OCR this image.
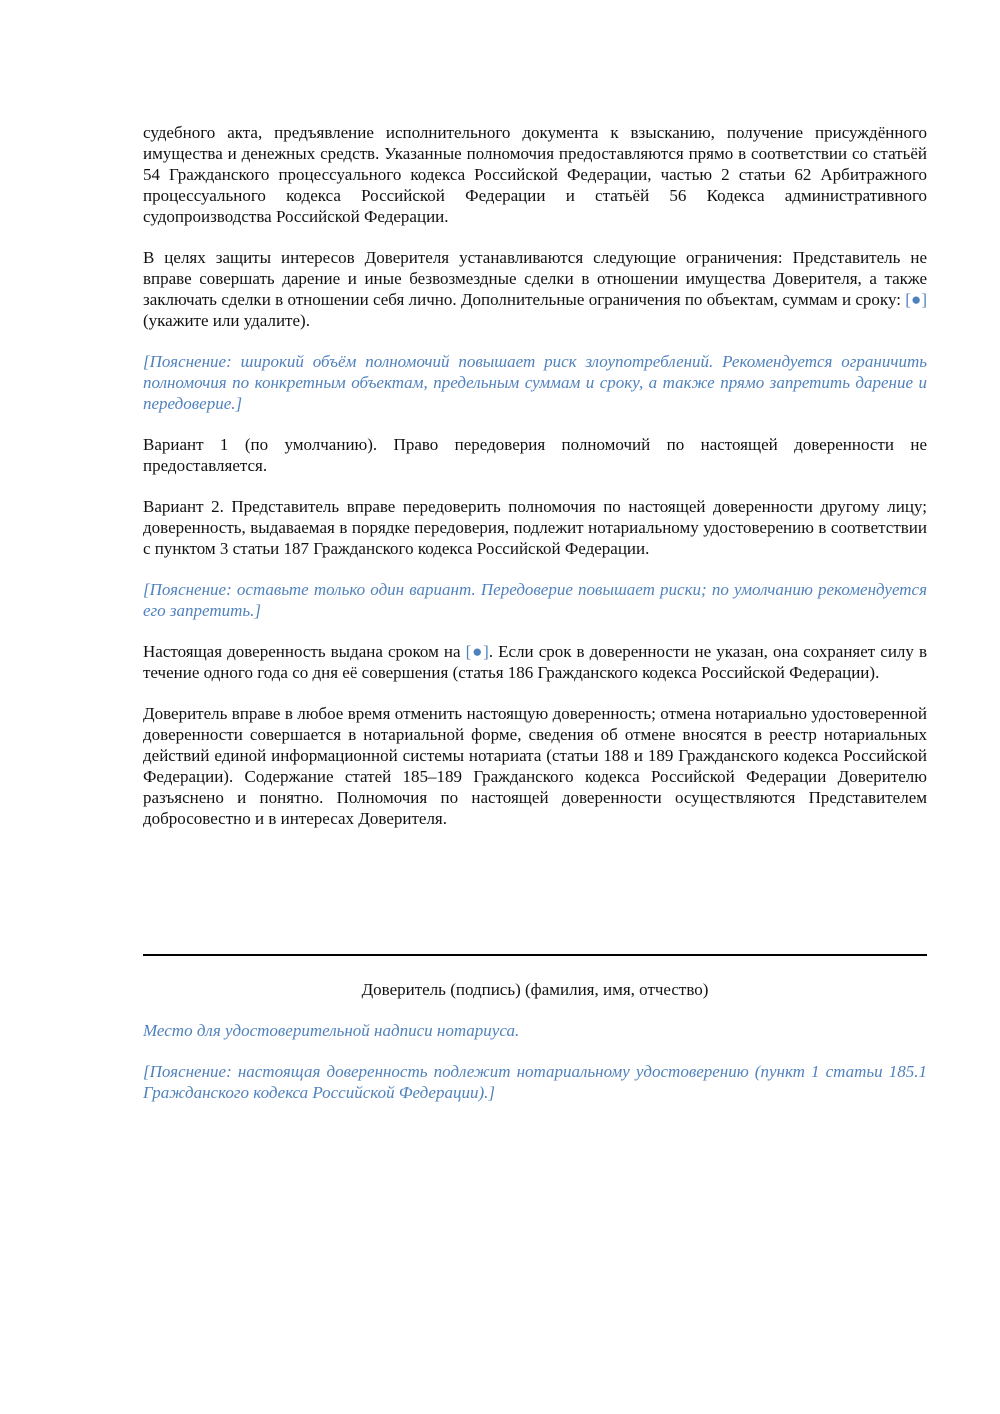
судебного акта, предъявление исполнительного документа к взысканию, получение присуждённого имущества и денежных средств. Указанные полномочия предоставляются прямо в соответствии со статьёй 54 Гражданского процессуального кодекса Российской Федерации, частью 2 статьи 62 Арбитражного процессуального кодекса Российской Федерации и статьёй 56 Кодекса административного судопроизводства Российской Федерации.

В целях защиты интересов Доверителя устанавливаются следующие ограничения: Представитель не вправе совершать дарение и иные безвозмездные сделки в отношении имущества Доверителя, а также заключать сделки в отношении себя лично. Дополнительные ограничения по объектам, суммам и сроку: [●] (укажите или удалите).

[Пояснение: широкий объём полномочий повышает риск злоупотреблений. Рекомендуется ограничить полномочия по конкретным объектам, предельным суммам и сроку, а также прямо запретить дарение и передоверие.]

Вариант 1 (по умолчанию). Право передоверия полномочий по настоящей доверенности не предоставляется.

Вариант 2. Представитель вправе передоверить полномочия по настоящей доверенности другому лицу; доверенность, выдаваемая в порядке передоверия, подлежит нотариальному удостоверению в соответствии с пунктом 3 статьи 187 Гражданского кодекса Российской Федерации.

[Пояснение: оставьте только один вариант. Передоверие повышает риски; по умолчанию рекомендуется его запретить.]

Настоящая доверенность выдана сроком на [●]. Если срок в доверенности не указан, она сохраняет силу в течение одного года со дня её совершения (статья 186 Гражданского кодекса Российской Федерации).

Доверитель вправе в любое время отменить настоящую доверенность; отмена нотариально удостоверенной доверенности совершается в нотариальной форме, сведения об отмене вносятся в реестр нотариальных действий единой информационной системы нотариата (статьи 188 и 189 Гражданского кодекса Российской Федерации). Содержание статей 185–189 Гражданского кодекса Российской Федерации Доверителю разъяснено и понятно. Полномочия по настоящей доверенности осуществляются Представителем добросовестно и в интересах Доверителя.

Доверитель (подпись) (фамилия, имя, отчество)

Место для удостоверительной надписи нотариуса.

[Пояснение: настоящая доверенность подлежит нотариальному удостоверению (пункт 1 статьи 185.1 Гражданского кодекса Российской Федерации).]
